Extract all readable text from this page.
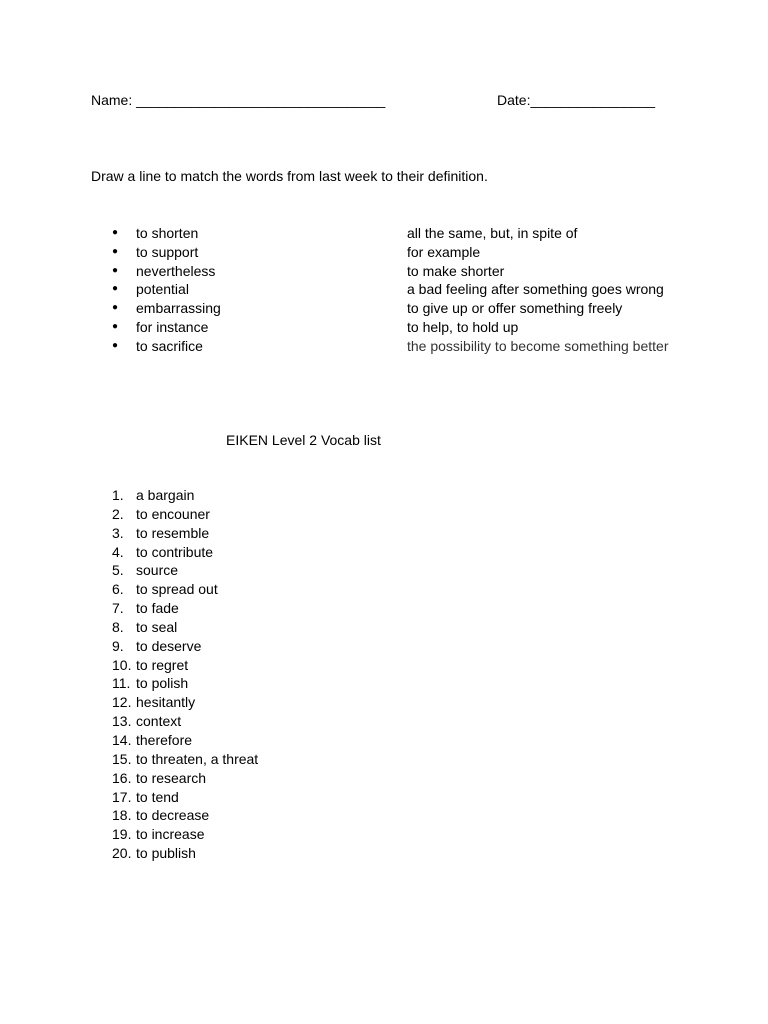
Name: ________________________________	Date:________________
Draw a line to match the words from last week to their definition.
● to shorten
● to support
● nevertheless
● potential
● embarrassing
● for instance
● to sacrifice
all the same, but, in spite of
for example
to make shorter
a bad feeling after something goes wrong
to give up or offer something freely
to help, to hold up
the possibility to become something better
EIKEN Level 2 Vocab list
1. a bargain
2. to encouner
3. to resemble
4. to contribute
5. source
6. to spread out
7. to fade
8. to seal
9. to deserve
10. to regret
11. to polish
12. hesitantly
13. context
14. therefore
15. to threaten, a threat
16. to research
17. to tend
18. to decrease
19. to increase
20. to publish
